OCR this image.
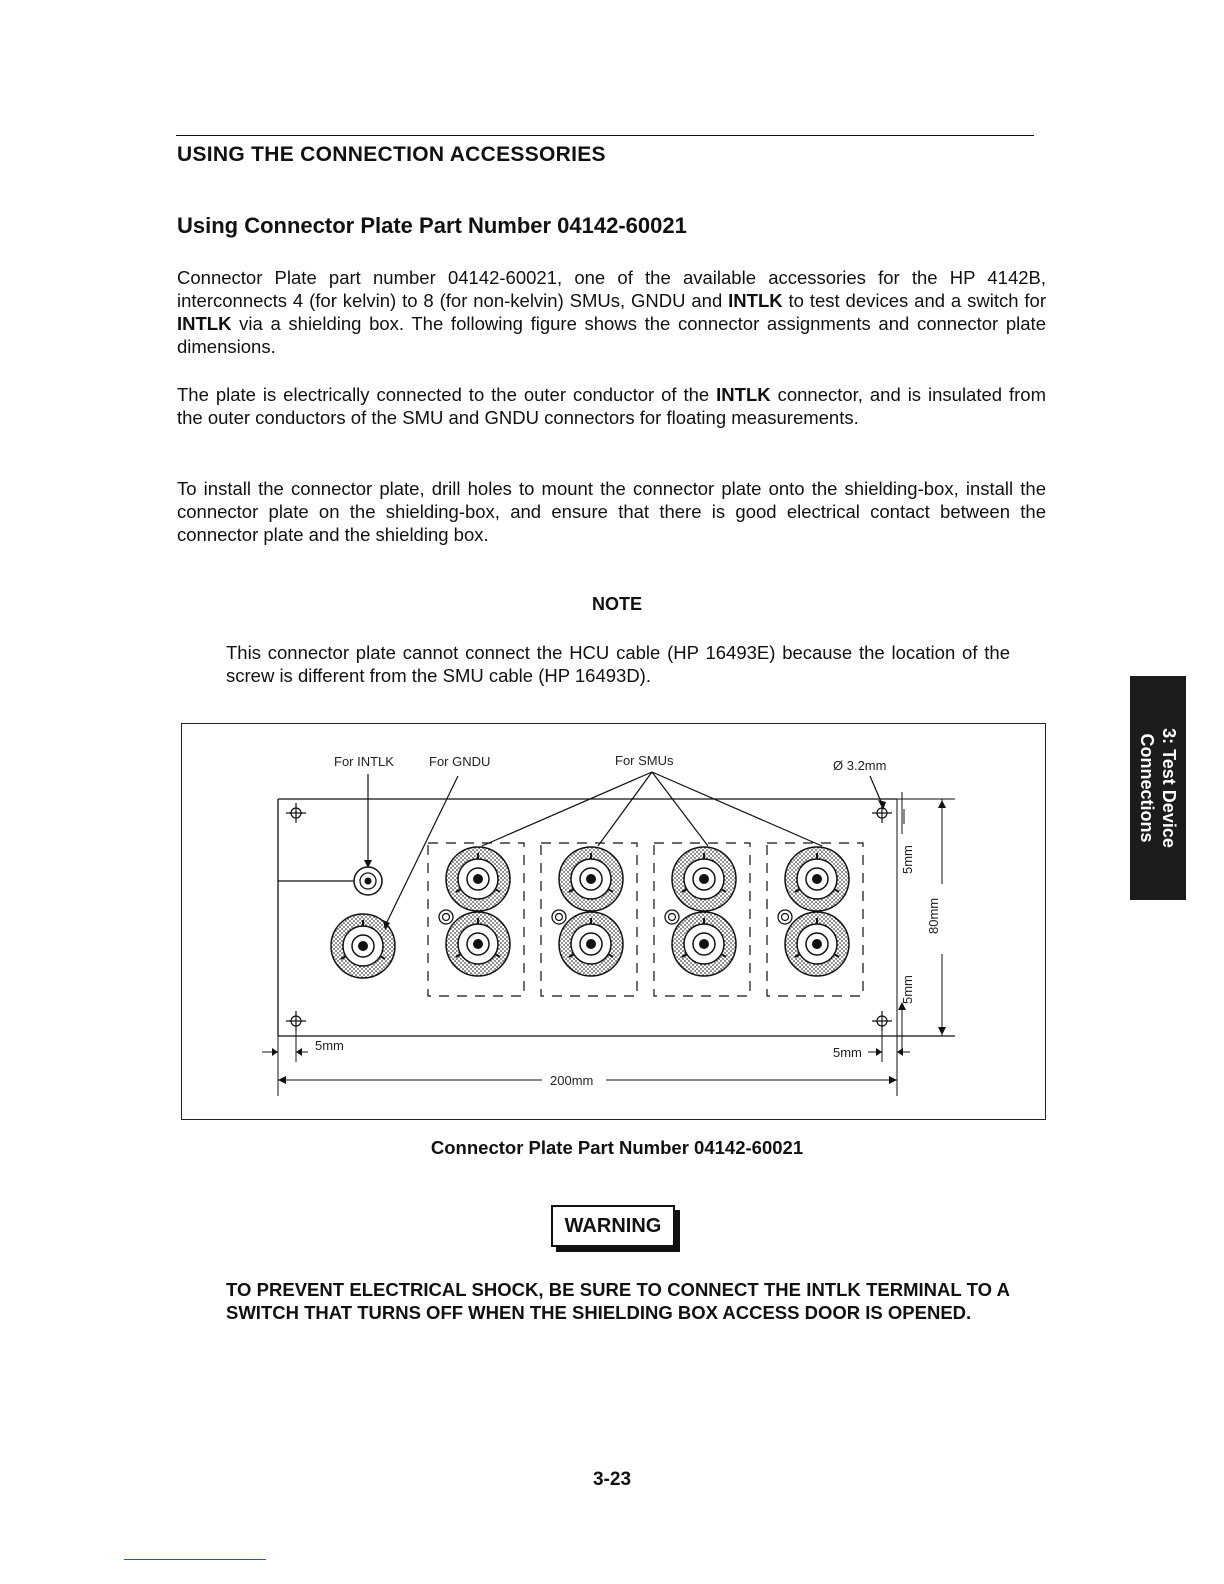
USING THE CONNECTION ACCESSORIES
Using Connector Plate Part Number 04142-60021

Connector Plate part number 04142-60021, one of the available accessories for the HP 4142B, interconnects 4 (for kelvin) to 8 (for non-kelvin) SMUs, GNDU and INTLK to test devices and a switch for INTLK via a shielding box. The following figure shows the connector assignments and connector plate dimensions.

The plate is electrically connected to the outer conductor of the INTLK connector, and is insulated from the outer conductors of the SMU and GNDU connectors for floating measurements.

To install the connector plate, drill holes to mount the connector plate onto the shielding-box, install the connector plate on the shielding-box, and ensure that there is good electrical contact between the connector plate and the shielding box.

NOTE

This connector plate cannot connect the HCU cable (HP 16493E) because the location of the screw is different from the SMU cable (HP 16493D).

For INTLK	For GNDU	For SMUs	Ø 3.2mm
80mm
5mm
5mm
5mm	5mm
200mm

Connector Plate Part Number 04142-60021

WARNING

TO PREVENT ELECTRICAL SHOCK, BE SURE TO CONNECT THE INTLK TERMINAL TO A SWITCH THAT TURNS OFF WHEN THE SHIELDING BOX ACCESS DOOR IS OPENED.

3-23

3: Test Device
Connections
